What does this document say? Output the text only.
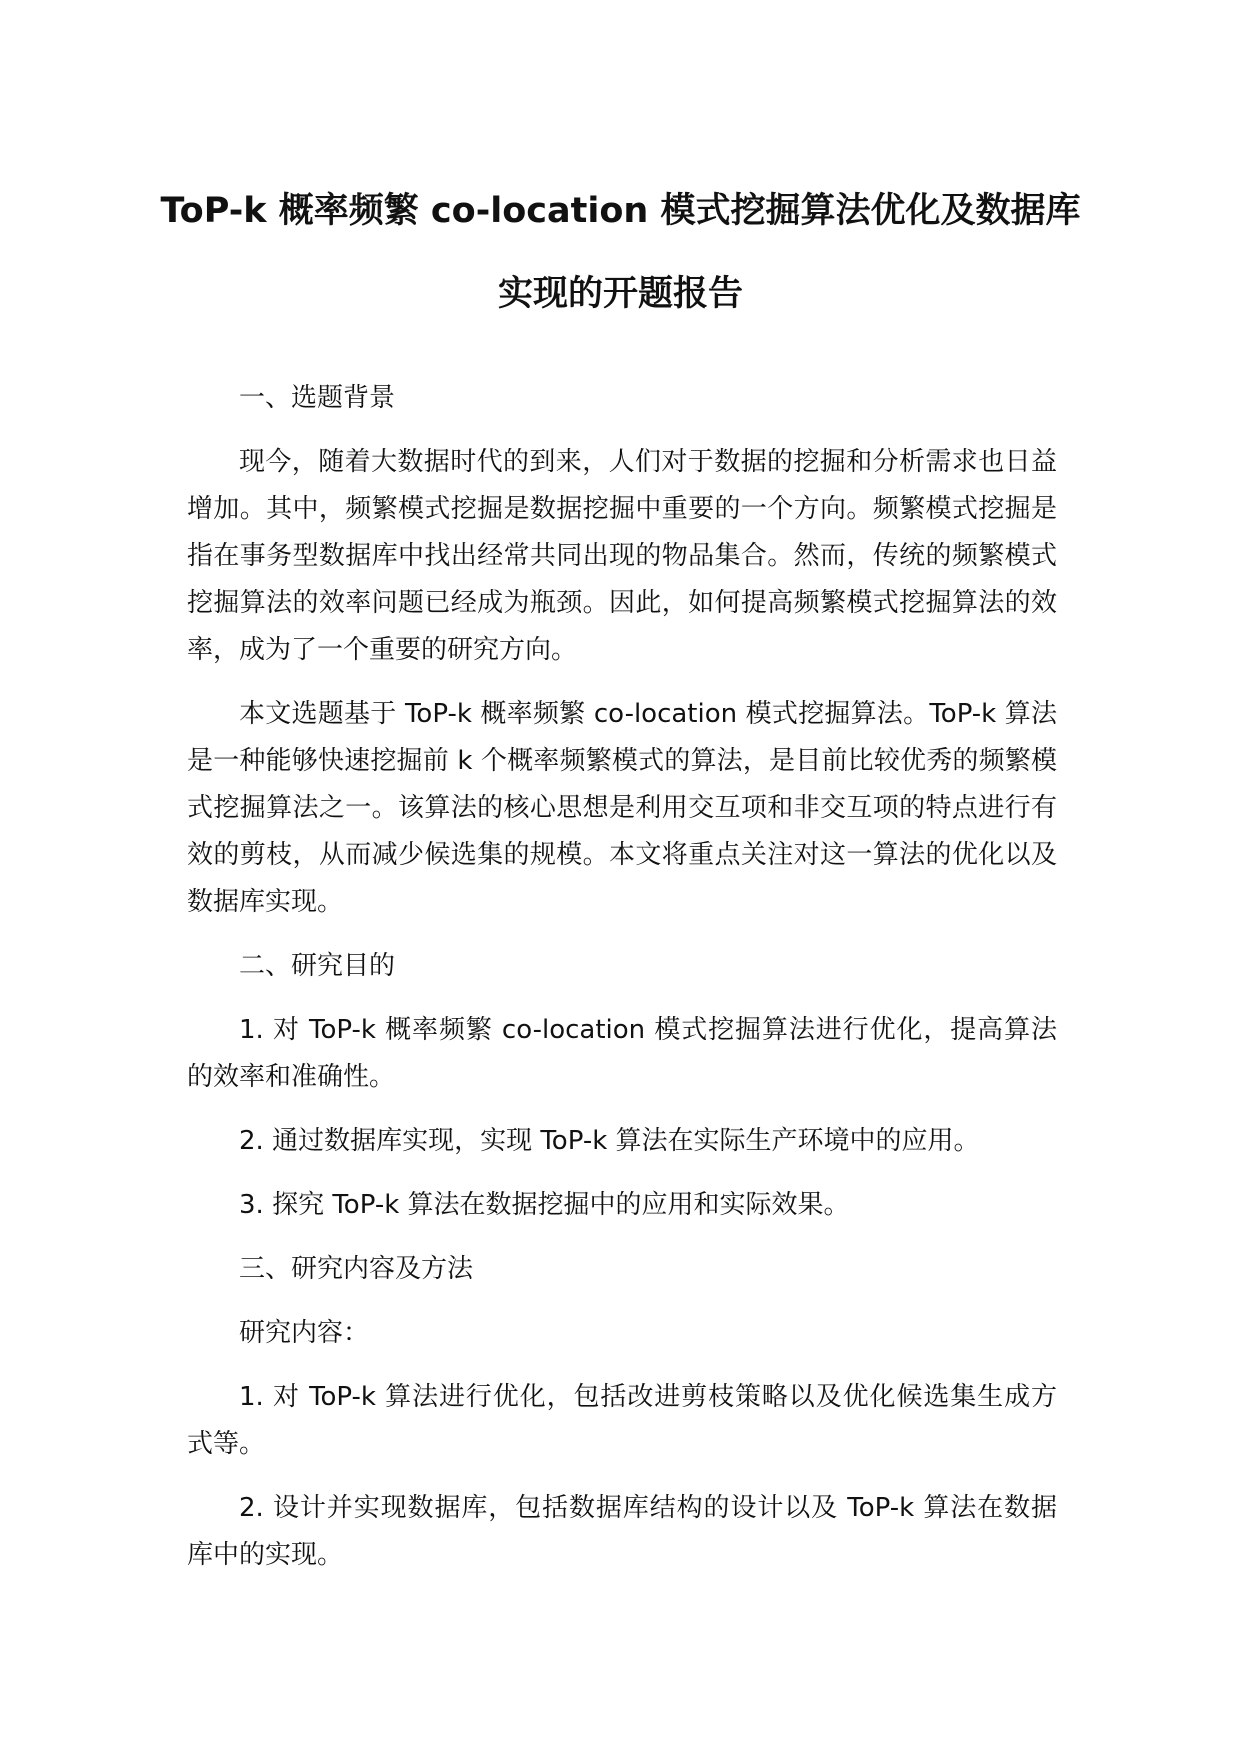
ToP-k 概率频繁 co-location 模式挖掘算法优化及数据库实现的开题报告

一、选题背景

现今，随着大数据时代的到来，人们对于数据的挖掘和分析需求也日益增加。其中，频繁模式挖掘是数据挖掘中重要的一个方向。频繁模式挖掘是指在事务型数据库中找出经常共同出现的物品集合。然而，传统的频繁模式挖掘算法的效率问题已经成为瓶颈。因此，如何提高频繁模式挖掘算法的效率，成为了一个重要的研究方向。

本文选题基于 ToP-k 概率频繁 co-location 模式挖掘算法。ToP-k 算法是一种能够快速挖掘前 k 个概率频繁模式的算法，是目前比较优秀的频繁模式挖掘算法之一。该算法的核心思想是利用交互项和非交互项的特点进行有效的剪枝，从而减少候选集的规模。本文将重点关注对这一算法的优化以及数据库实现。

二、研究目的

1. 对 ToP-k 概率频繁 co-location 模式挖掘算法进行优化，提高算法的效率和准确性。

2. 通过数据库实现，实现 ToP-k 算法在实际生产环境中的应用。

3. 探究 ToP-k 算法在数据挖掘中的应用和实际效果。

三、研究内容及方法

研究内容：

1. 对 ToP-k 算法进行优化，包括改进剪枝策略以及优化候选集生成方式等。

2. 设计并实现数据库，包括数据库结构的设计以及 ToP-k 算法在数据库中的实现。
